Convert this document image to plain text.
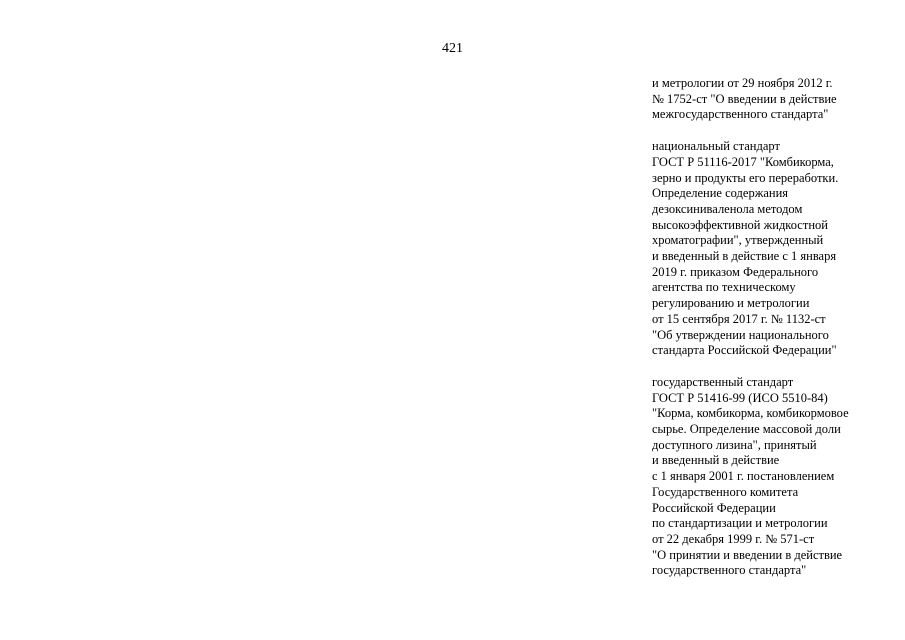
421
и метрологии от 29 ноября 2012 г.
№ 1752-ст "О введении в действие
межгосударственного стандарта"
национальный стандарт
ГОСТ Р 51116-2017 "Комбикорма,
зерно и продукты его переработки.
Определение содержания
дезоксиниваленола методом
высокоэффективной жидкостной
хроматографии", утвержденный
и введенный в действие с 1 января
2019 г. приказом Федерального
агентства по техническому
регулированию и метрологии
от 15 сентября 2017 г. № 1132-ст
"Об утверждении национального
стандарта Российской Федерации"
государственный стандарт
ГОСТ Р 51416-99 (ИСО 5510-84)
"Корма, комбикорма, комбикормовое
сырье. Определение массовой доли
доступного лизина", принятый
и введенный в действие
с 1 января 2001 г. постановлением
Государственного комитета
Российской Федерации
по стандартизации и метрологии
от 22 декабря 1999 г. № 571-ст
"О принятии и введении в действие
государственного стандарта"
